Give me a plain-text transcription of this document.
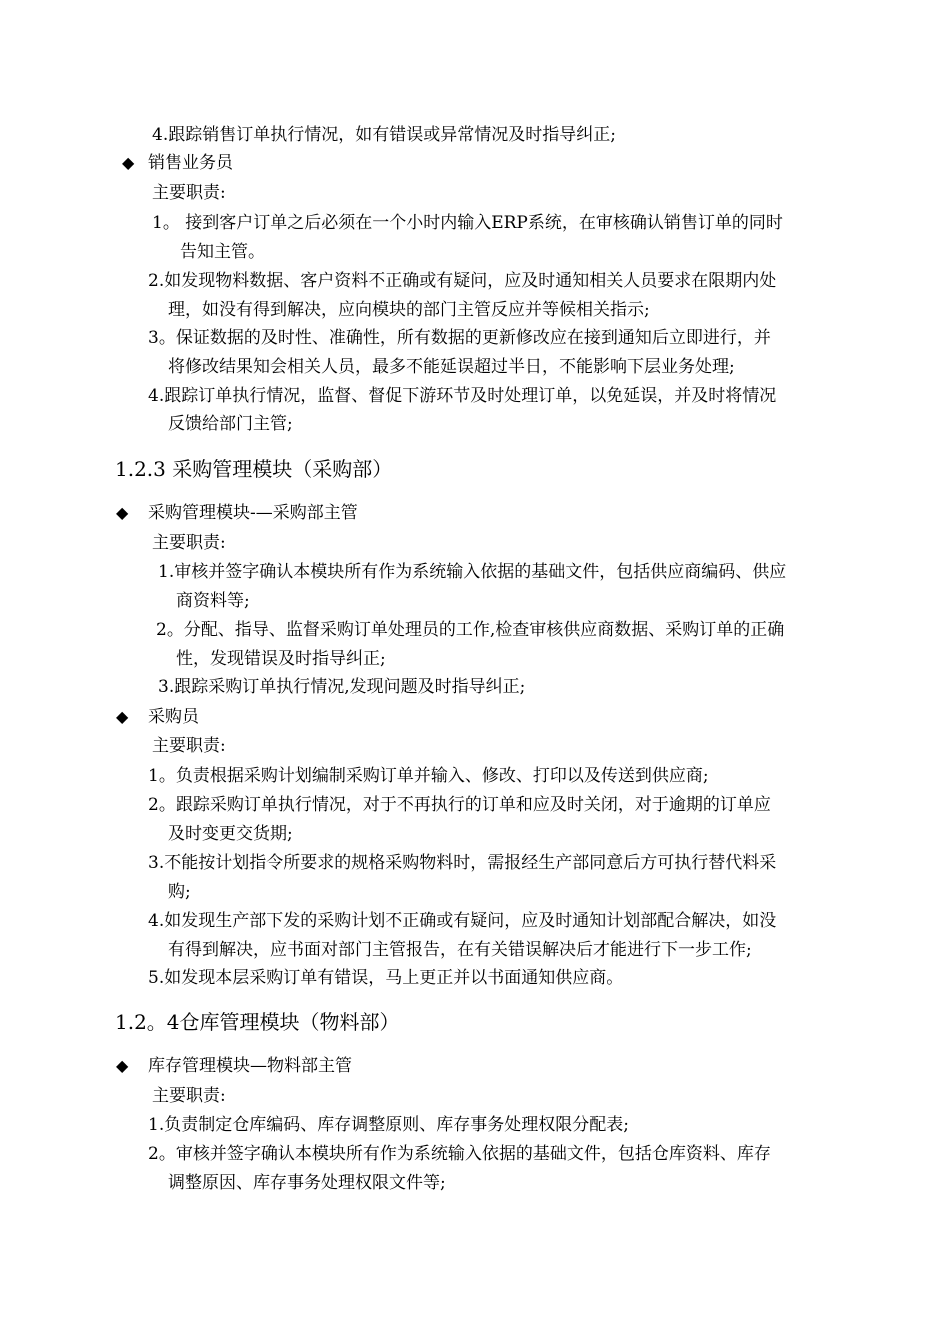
4.跟踪销售订单执行情况，如有错误或异常情况及时指导纠正;
◆ 销售业务员
主要职责:
1。 接到客户订单之后必须在一个小时内输入ERP系统，在审核确认销售订单的同时
告知主管。
2.如发现物料数据、客户资料不正确或有疑问，应及时通知相关人员要求在限期内处
理，如没有得到解决，应向模块的部门主管反应并等候相关指示;
3。保证数据的及时性、准确性，所有数据的更新修改应在接到通知后立即进行，并
将修改结果知会相关人员，最多不能延误超过半日，不能影响下层业务处理;
4.跟踪订单执行情况，监督、督促下游环节及时处理订单，以免延误，并及时将情况
反馈给部门主管;
1.2.3 采购管理模块（采购部）
◆ 采购管理模块-—采购部主管
主要职责:
1.审核并签字确认本模块所有作为系统输入依据的基础文件，包括供应商编码、供应
商资料等;
2。分配、指导、监督采购订单处理员的工作,检查审核供应商数据、采购订单的正确
性，发现错误及时指导纠正;
3.跟踪采购订单执行情况,发现问题及时指导纠正;
◆ 采购员
主要职责:
1。负责根据采购计划编制采购订单并输入、修改、打印以及传送到供应商;
2。跟踪采购订单执行情况，对于不再执行的订单和应及时关闭，对于逾期的订单应
及时变更交货期;
3.不能按计划指令所要求的规格采购物料时，需报经生产部同意后方可执行替代料采
购;
4.如发现生产部下发的采购计划不正确或有疑问，应及时通知计划部配合解决，如没
有得到解决，应书面对部门主管报告，在有关错误解决后才能进行下一步工作;
5.如发现本层采购订单有错误，马上更正并以书面通知供应商。
1.2。4仓库管理模块（物料部）
◆ 库存管理模块—物料部主管
主要职责:
1.负责制定仓库编码、库存调整原则、库存事务处理权限分配表;
2。审核并签字确认本模块所有作为系统输入依据的基础文件，包括仓库资料、库存
调整原因、库存事务处理权限文件等;
